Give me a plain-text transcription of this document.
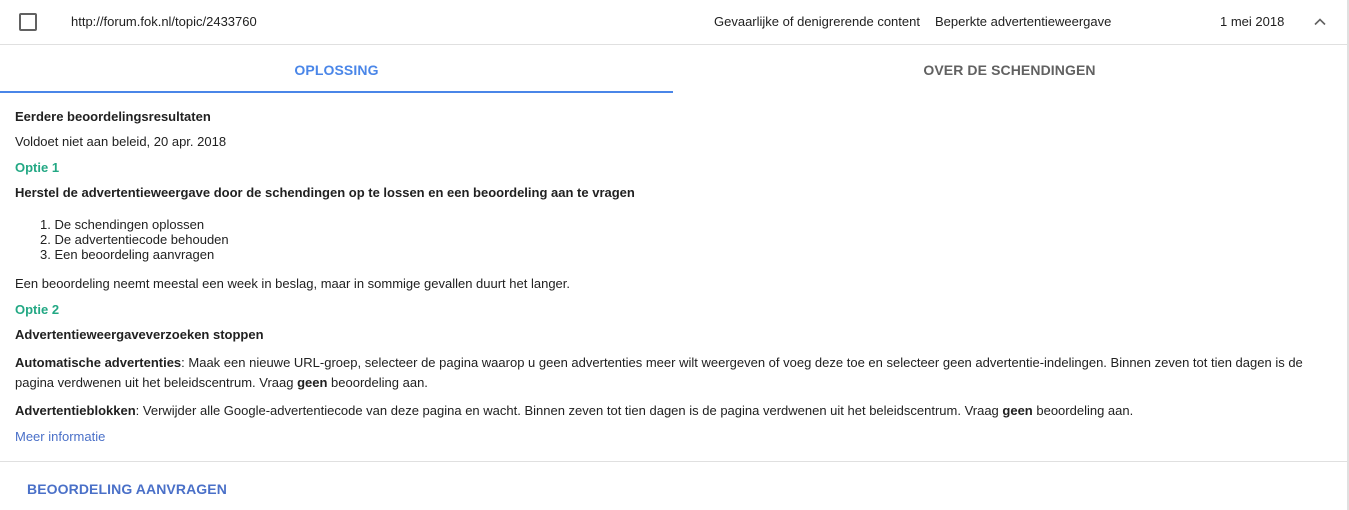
http://forum.fok.nl/topic/2433760	Gevaarlijke of denigrerende content Beperkte advertentieweergave	1 mei 2018
OPLOSSING	OVER DE SCHENDINGEN
Eerdere beoordelingsresultaten
Voldoet niet aan beleid, 20 apr. 2018
Optie 1
Herstel de advertentieweergave door de schendingen op te lossen en een beoordeling aan te vragen
1. De schendingen oplossen
2. De advertentiecode behouden
3. Een beoordeling aanvragen
Een beoordeling neemt meestal een week in beslag, maar in sommige gevallen duurt het langer.
Optie 2
Advertentieweergaveverzoeken stoppen
Automatische advertenties: Maak een nieuwe URL-groep, selecteer de pagina waarop u geen advertenties meer wilt weergeven of voeg deze toe en selecteer geen advertentie-indelingen. Binnen zeven tot tien dagen is de pagina verdwenen uit het beleidscentrum. Vraag geen beoordeling aan.
Advertentieblokken: Verwijder alle Google-advertentiecode van deze pagina en wacht. Binnen zeven tot tien dagen is de pagina verdwenen uit het beleidscentrum. Vraag geen beoordeling aan.
Meer informatie
BEOORDELING AANVRAGEN
